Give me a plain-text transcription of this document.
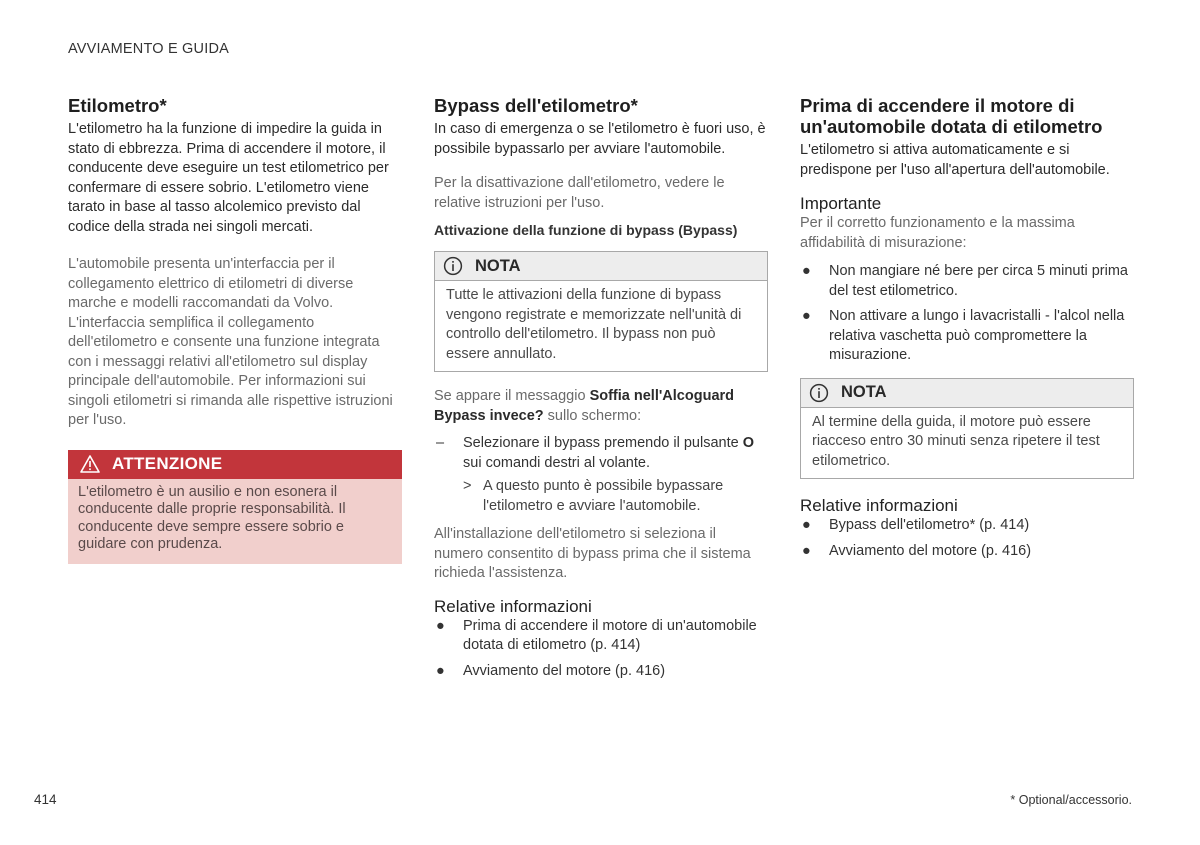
AVVIAMENTO E GUIDA
Etilometro*

L'etilometro ha la funzione di impedire la guida in stato di ebbrezza. Prima di accendere il motore, il conducente deve eseguire un test etilometrico per confermare di essere sobrio. L'etilometro viene tarato in base al tasso alcolemico previsto dal codice della strada nei singoli mercati.

L'automobile presenta un'interfaccia per il collegamento elettrico di etilometri di diverse marche e modelli raccomandati da Volvo. L'interfaccia semplifica il collegamento dell'etilometro e consente una funzione integrata con i messaggi relativi all'etilometro sul display principale dell'automobile. Per informazioni sui singoli etilometri si rimanda alle rispettive istruzioni per l'uso.

ATTENZIONE
L'etilometro è un ausilio e non esonera il conducente dalle proprie responsabilità. Il conducente deve sempre essere sobrio e guidare con prudenza.
Bypass dell'etilometro*

In caso di emergenza o se l'etilometro è fuori uso, è possibile bypassarlo per avviare l'automobile.

Per la disattivazione dall'etilometro, vedere le relative istruzioni per l'uso.

Attivazione della funzione di bypass (Bypass)

NOTA
Tutte le attivazioni della funzione di bypass vengono registrate e memorizzate nell'unità di controllo dell'etilometro. Il bypass non può essere annullato.

Se appare il messaggio Soffia nell'Alcoguard Bypass invece? sullo schermo:

– Selezionare il bypass premendo il pulsante O sui comandi destri al volante.
> A questo punto è possibile bypassare l'etilometro e avviare l'automobile.

All'installazione dell'etilometro si seleziona il numero consentito di bypass prima che il sistema richieda l'assistenza.

Relative informazioni
● Prima di accendere il motore di un'automobile dotata di etilometro (p. 414)
● Avviamento del motore (p. 416)
Prima di accendere il motore di un'automobile dotata di etilometro

L'etilometro si attiva automaticamente e si predispone per l'uso all'apertura dell'automobile.

Importante

Per il corretto funzionamento e la massima affidabilità di misurazione:

● Non mangiare né bere per circa 5 minuti prima del test etilometrico.
● Non attivare a lungo i lavacristalli - l'alcol nella relativa vaschetta può compromettere la misurazione.
NOTA
Al termine della guida, il motore può essere riacceso entro 30 minuti senza ripetere il test etilometrico.
Relative informazioni
● Bypass dell'etilometro* (p. 414)
● Avviamento del motore (p. 416)
414	* Optional/accessorio.
